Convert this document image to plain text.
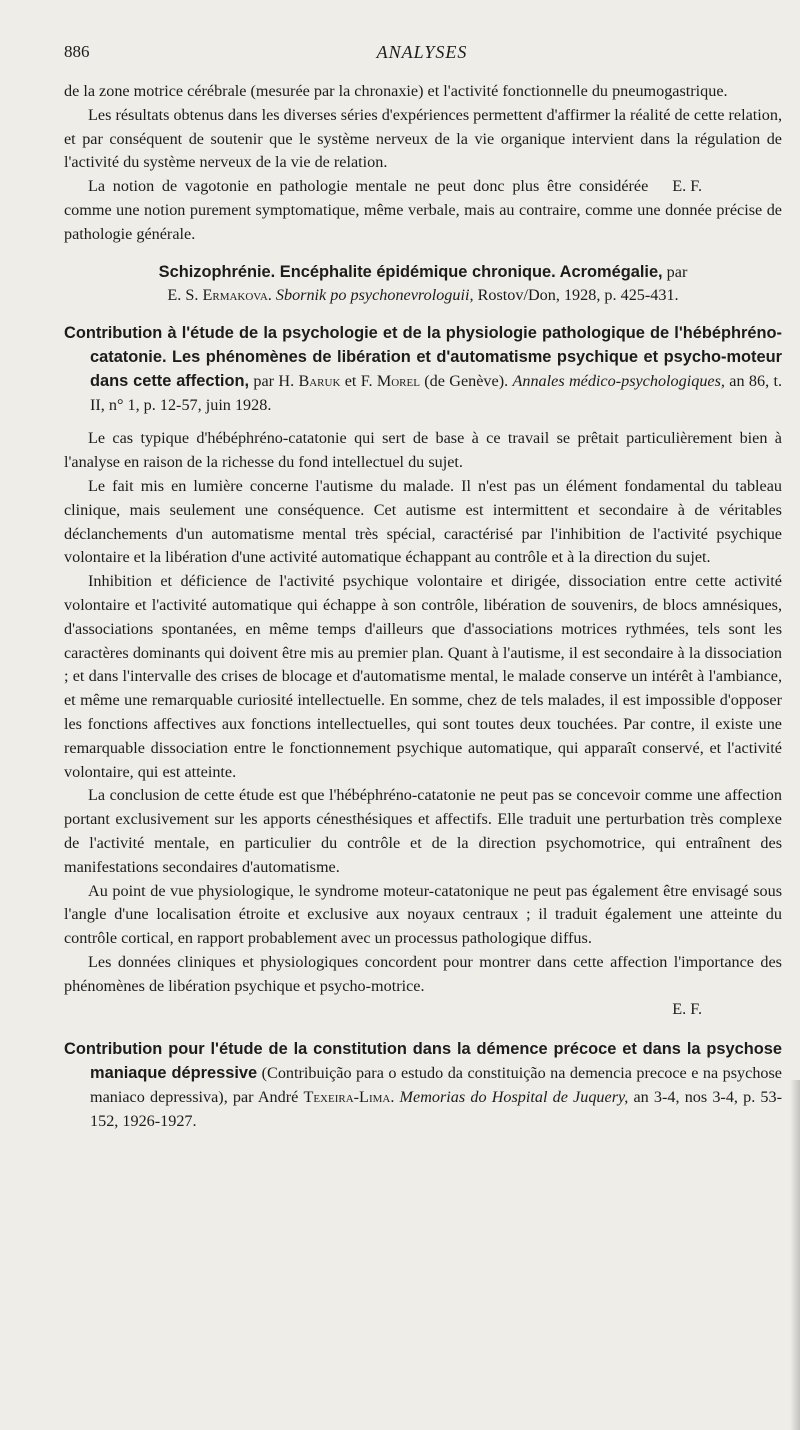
886	ANALYSES

de la zone motrice cérébrale (mesurée par la chronaxie) et l'activité fonctionnelle du pneumogastrique.

Les résultats obtenus dans les diverses séries d'expériences permettent d'affirmer la réalité de cette relation, et par conséquent de soutenir que le système nerveux de la vie organique intervient dans la régulation de l'activité du système nerveux de la vie de relation.

E. F.
La notion de vagotonie en pathologie mentale ne peut donc plus être considérée comme une notion purement symptomatique, même verbale, mais au contraire, comme une donnée précise de pathologie générale.

Schizophrénie. Encéphalite épidémique chronique. Acromégalie, par
E. S. Ermakova. Sbornik po psychonevrologuii, Rostov/Don, 1928, p. 425-431.

Contribution à l'étude de la psychologie et de la physiologie pathologique de l'hébéphréno-catatonie. Les phénomènes de libération et d'automatisme psychique et psycho-moteur dans cette affection, par H. Baruk et F. Morel (de Genève). Annales médico-psychologiques, an 86, t. II, n° 1, p. 12-57, juin 1928.

Le cas typique d'hébéphréno-catatonie qui sert de base à ce travail se prêtait particulièrement bien à l'analyse en raison de la richesse du fond intellectuel du sujet.

Le fait mis en lumière concerne l'autisme du malade. Il n'est pas un élément fondamental du tableau clinique, mais seulement une conséquence. Cet autisme est intermittent et secondaire à de véritables déclanchements d'un automatisme mental très spécial, caractérisé par l'inhibition de l'activité psychique volontaire et la libération d'une activité automatique échappant au contrôle et à la direction du sujet.

Inhibition et déficience de l'activité psychique volontaire et dirigée, dissociation entre cette activité volontaire et l'activité automatique qui échappe à son contrôle, libération de souvenirs, de blocs amnésiques, d'associations spontanées, en même temps d'ailleurs que d'associations motrices rythmées, tels sont les caractères dominants qui doivent être mis au premier plan. Quant à l'autisme, il est secondaire à la dissociation ; et dans l'intervalle des crises de blocage et d'automatisme mental, le malade conserve un intérêt à l'ambiance, et même une remarquable curiosité intellectuelle. En somme, chez de tels malades, il est impossible d'opposer les fonctions affectives aux fonctions intellectuelles, qui sont toutes deux touchées. Par contre, il existe une remarquable dissociation entre le fonctionnement psychique automatique, qui apparaît conservé, et l'activité volontaire, qui est atteinte.

La conclusion de cette étude est que l'hébéphréno-catatonie ne peut pas se concevoir comme une affection portant exclusivement sur les apports cénesthésiques et affectifs. Elle traduit une perturbation très complexe de l'activité mentale, en particulier du contrôle et de la direction psychomotrice, qui entraînent des manifestations secondaires d'automatisme.

Au point de vue physiologique, le syndrome moteur-catatonique ne peut pas également être envisagé sous l'angle d'une localisation étroite et exclusive aux noyaux centraux ; il traduit également une atteinte du contrôle cortical, en rapport probablement avec un processus pathologique diffus.

Les données cliniques et physiologiques concordent pour montrer dans cette affection l'importance des phénomènes de libération psychique et psycho-motrice.

E. F.

Contribution pour l'étude de la constitution dans la démence précoce et dans la psychose maniaque dépressive (Contribuição para o estudo da constituição na demencia precoce e na psychose maniaco depressiva), par André Texeira-Lima. Memorias do Hospital de Juquery, an 3-4, nos 3-4, p. 53-152, 1926-1927.
